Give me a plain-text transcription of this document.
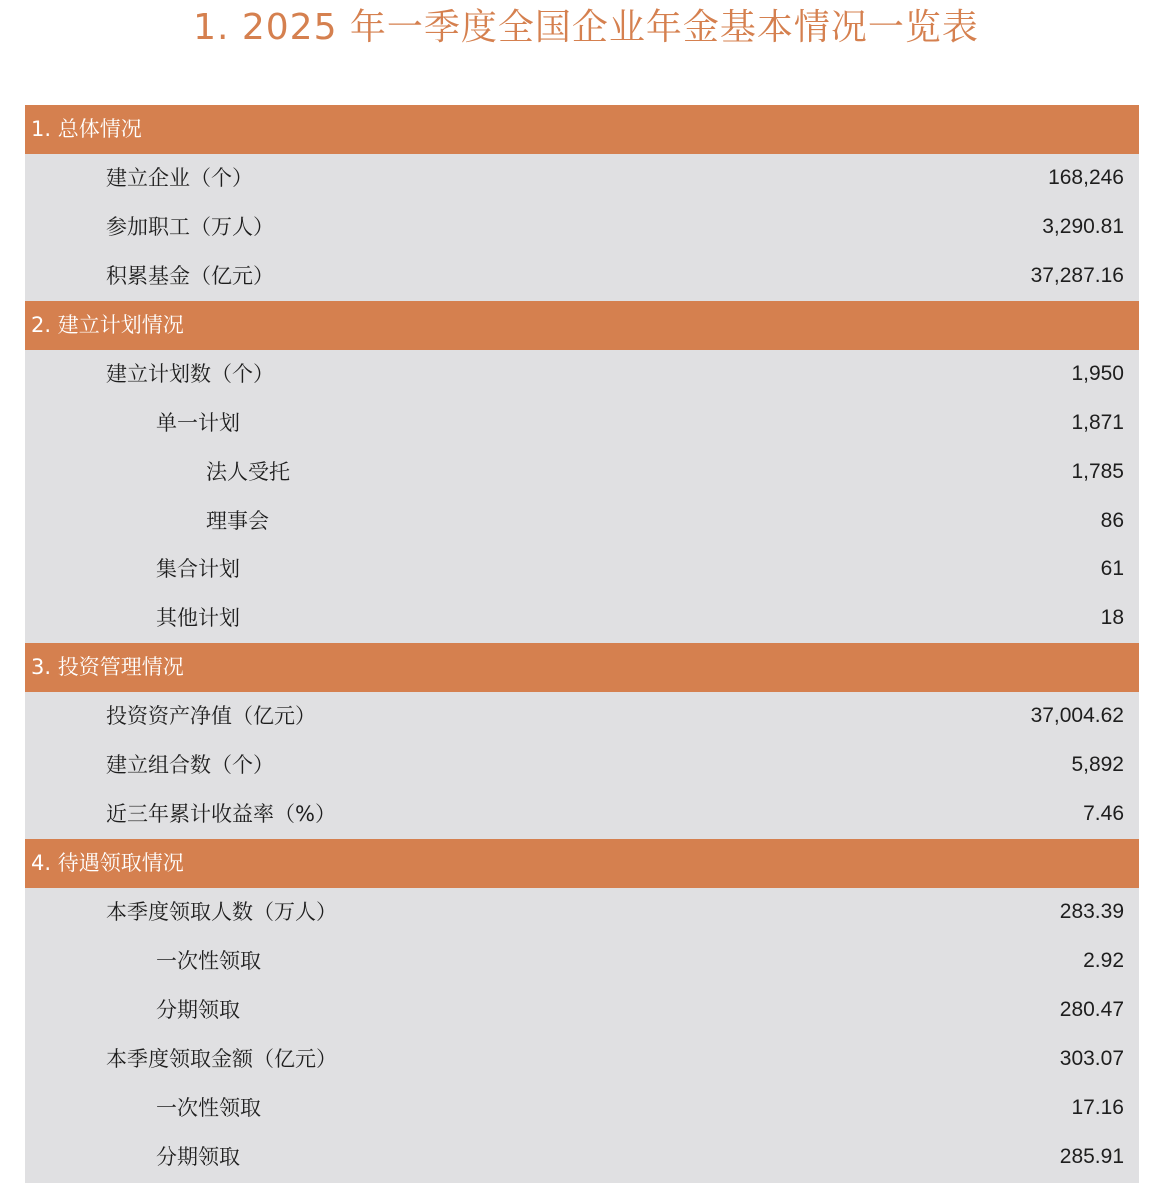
1. 2025 年一季度全国企业年金基本情况一览表
1. 总体情况
建立企业（个）	168,246
参加职工（万人）	3,290.81
积累基金（亿元）	37,287.16
2. 建立计划情况
建立计划数（个）	1,950
单一计划	1,871
法人受托	1,785
理事会	86
集合计划	61
其他计划	18
3. 投资管理情况
投资资产净值（亿元）	37,004.62
建立组合数（个）	5,892
近三年累计收益率（%）	7.46
4. 待遇领取情况
本季度领取人数（万人）	283.39
一次性领取	2.92
分期领取	280.47
本季度领取金额（亿元）	303.07
一次性领取	17.16
分期领取	285.91
